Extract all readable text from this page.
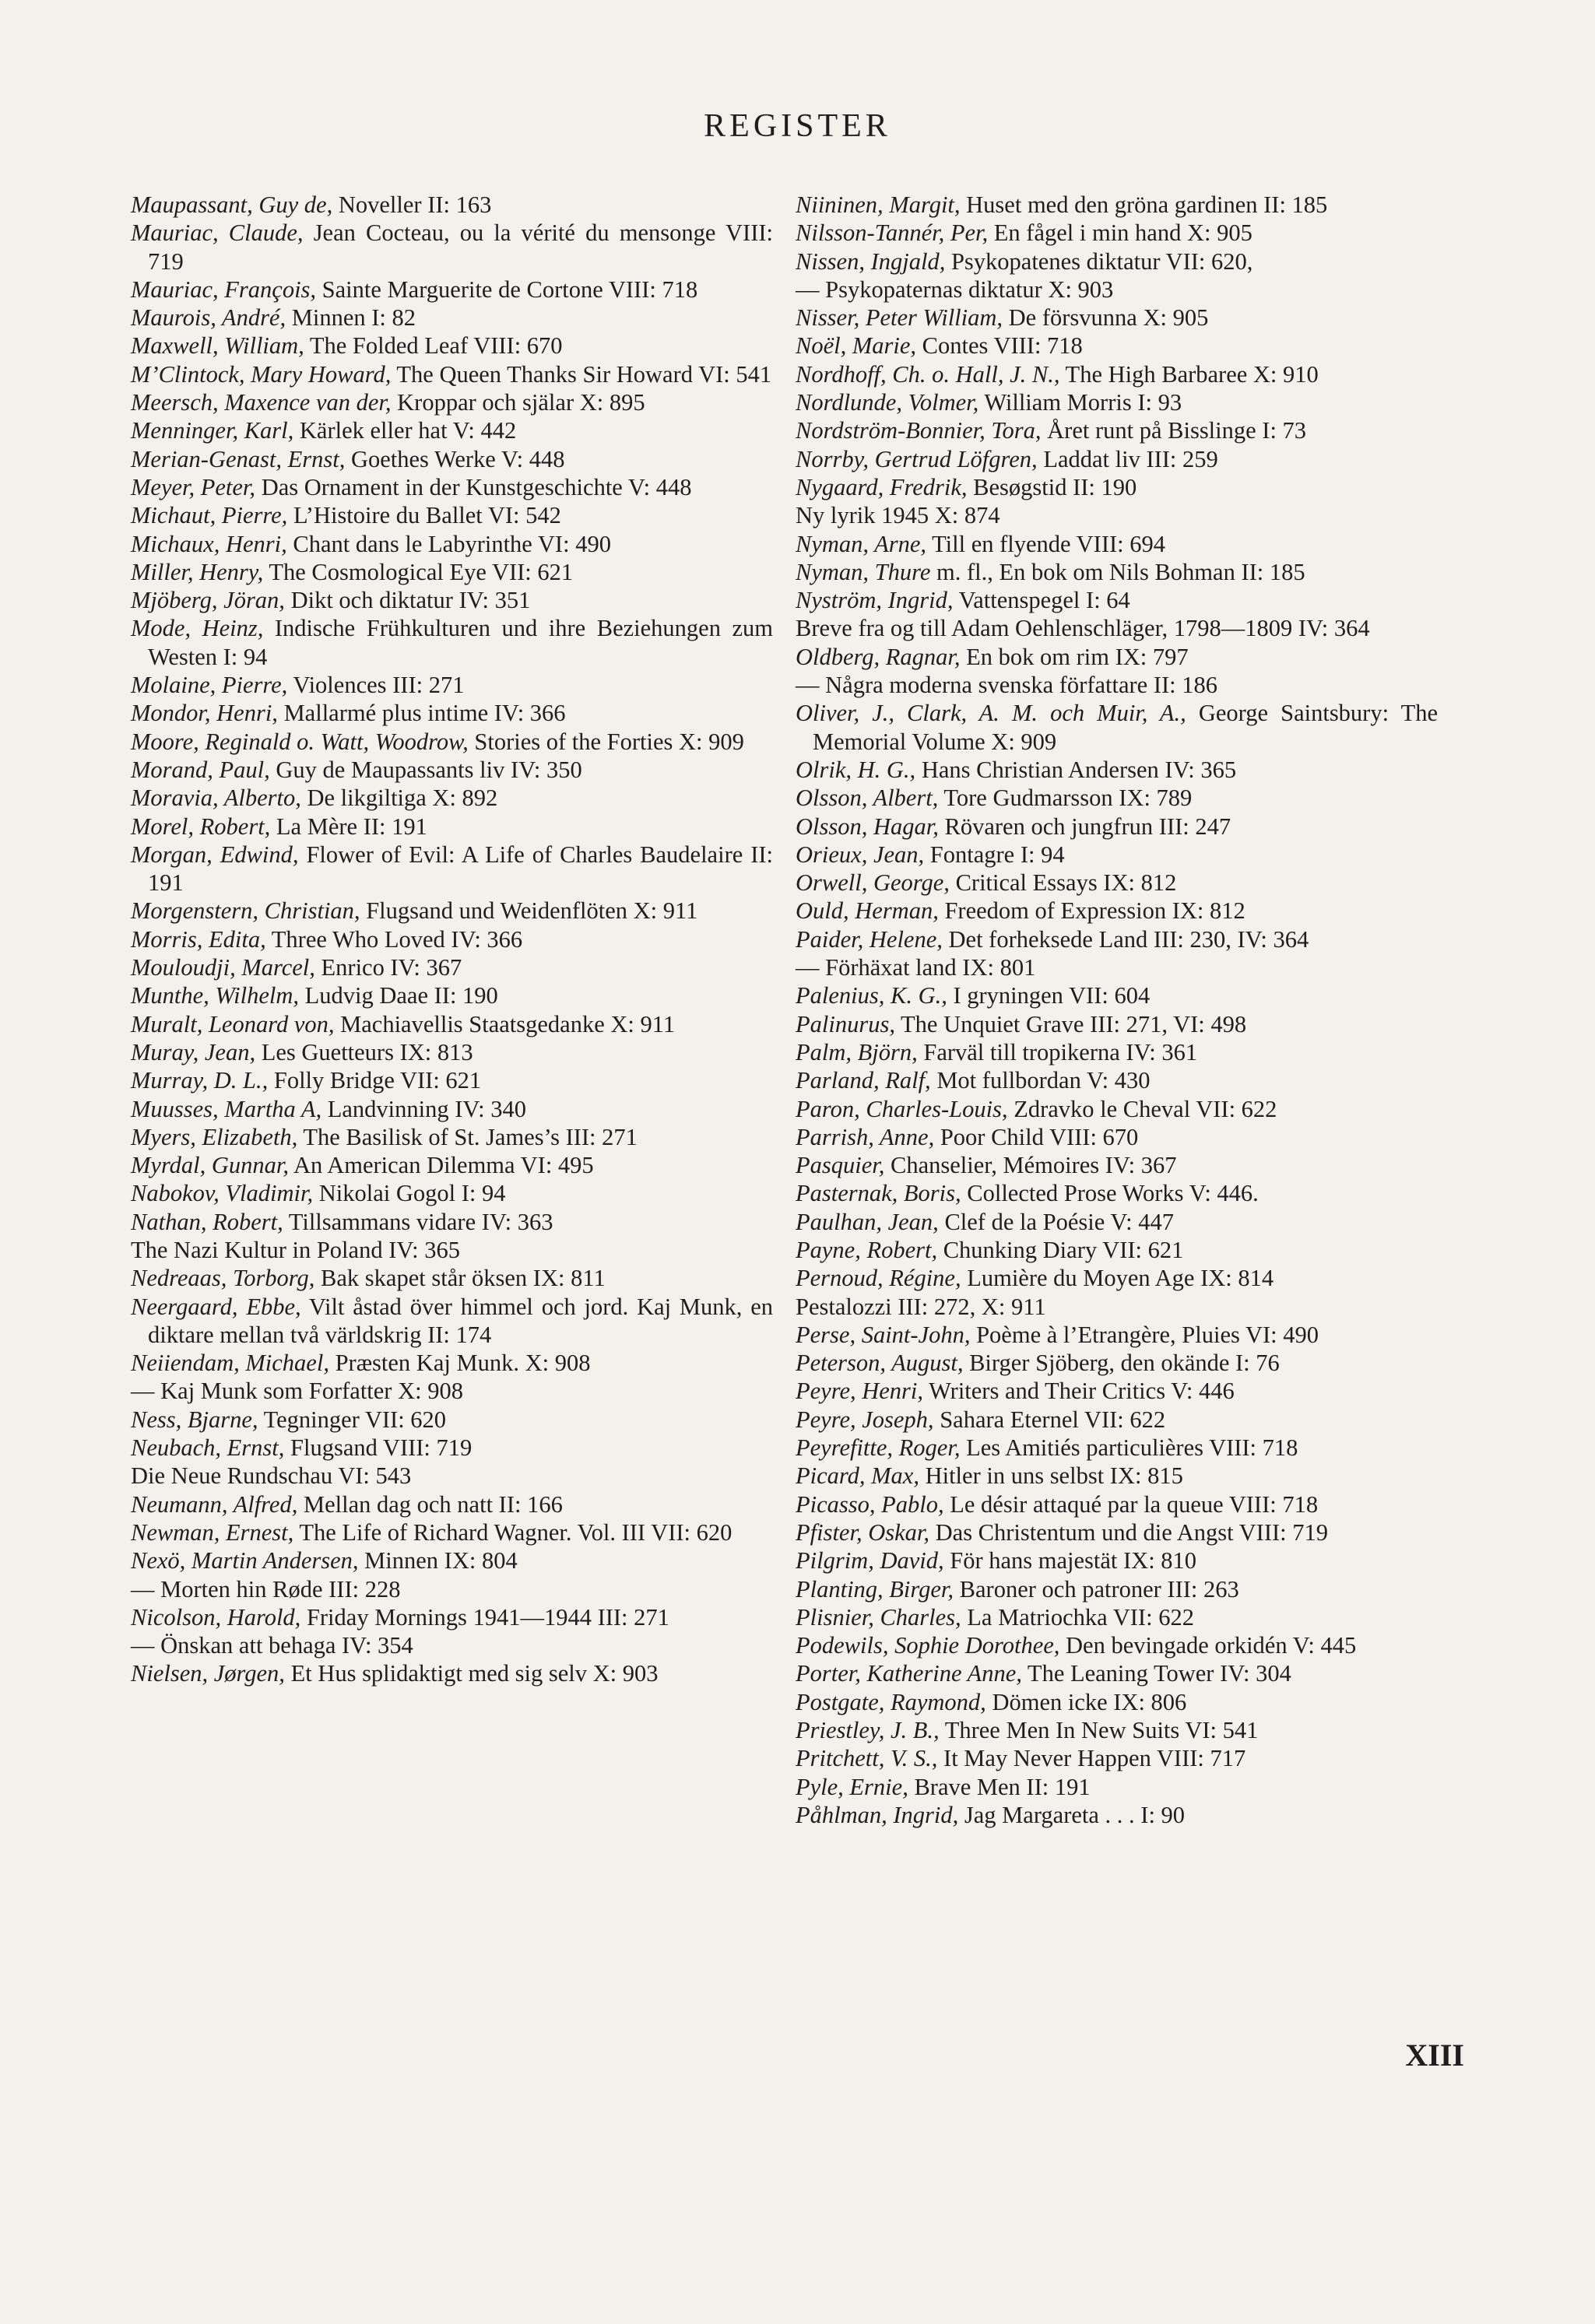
REGISTER
Maupassant, Guy de, Noveller II: 163
Mauriac, Claude, Jean Cocteau, ou la vérité du mensonge VIII: 719
Mauriac, François, Sainte Marguerite de Cortone VIII: 718
Maurois, André, Minnen I: 82
Maxwell, William, The Folded Leaf VIII: 670
M’Clintock, Mary Howard, The Queen Thanks Sir Howard VI: 541
Meersch, Maxence van der, Kroppar och själar X: 895
Menninger, Karl, Kärlek eller hat V: 442
Merian-Genast, Ernst, Goethes Werke V: 448
Meyer, Peter, Das Ornament in der Kunstgeschichte V: 448
Michaut, Pierre, L’Histoire du Ballet VI: 542
Michaux, Henri, Chant dans le Labyrinthe VI: 490
Miller, Henry, The Cosmological Eye VII: 621
Mjöberg, Jöran, Dikt och diktatur IV: 351
Mode, Heinz, Indische Frühkulturen und ihre Beziehungen zum Westen I: 94
Molaine, Pierre, Violences III: 271
Mondor, Henri, Mallarmé plus intime IV: 366
Moore, Reginald o. Watt, Woodrow, Stories of the Forties X: 909
Morand, Paul, Guy de Maupassants liv IV: 350
Moravia, Alberto, De likgiltiga X: 892
Morel, Robert, La Mère II: 191
Morgan, Edwind, Flower of Evil: A Life of Charles Baudelaire II: 191
Morgenstern, Christian, Flugsand und Weidenflöten X: 911
Morris, Edita, Three Who Loved IV: 366
Mouloudji, Marcel, Enrico IV: 367
Munthe, Wilhelm, Ludvig Daae II: 190
Muralt, Leonard von, Machiavellis Staatsgedanke X: 911
Muray, Jean, Les Guetteurs IX: 813
Murray, D. L., Folly Bridge VII: 621
Muusses, Martha A, Landvinning IV: 340
Myers, Elizabeth, The Basilisk of St. James’s III: 271
Myrdal, Gunnar, An American Dilemma VI: 495
Nabokov, Vladimir, Nikolai Gogol I: 94
Nathan, Robert, Tillsammans vidare IV: 363
The Nazi Kultur in Poland IV: 365
Nedreaas, Torborg, Bak skapet står öksen IX: 811
Neergaard, Ebbe, Vilt åstad över himmel och jord. Kaj Munk, en diktare mellan två världskrig II: 174
Neiiendam, Michael, Præsten Kaj Munk. X: 908
— Kaj Munk som Forfatter X: 908
Ness, Bjarne, Tegninger VII: 620
Neubach, Ernst, Flugsand VIII: 719
Die Neue Rundschau VI: 543
Neumann, Alfred, Mellan dag och natt II: 166
Newman, Ernest, The Life of Richard Wagner. Vol. III VII: 620
Nexö, Martin Andersen, Minnen IX: 804
— Morten hin Røde III: 228
Nicolson, Harold, Friday Mornings 1941—1944 III: 271
— Önskan att behaga IV: 354
Nielsen, Jørgen, Et Hus splidaktigt med sig selv X: 903
Niininen, Margit, Huset med den gröna gardinen II: 185
Nilsson-Tannér, Per, En fågel i min hand X: 905
Nissen, Ingjald, Psykopatenes diktatur VII: 620,
— Psykopaternas diktatur X: 903
Nisser, Peter William, De försvunna X: 905
Noël, Marie, Contes VIII: 718
Nordhoff, Ch. o. Hall, J. N., The High Barbaree X: 910
Nordlunde, Volmer, William Morris I: 93
Nordström-Bonnier, Tora, Året runt på Bisslinge I: 73
Norrby, Gertrud Löfgren, Laddat liv III: 259
Nygaard, Fredrik, Besøgstid II: 190
Ny lyrik 1945 X: 874
Nyman, Arne, Till en flyende VIII: 694
Nyman, Thure m. fl., En bok om Nils Bohman II: 185
Nyström, Ingrid, Vattenspegel I: 64
Breve fra og till Adam Oehlenschläger, 1798—1809 IV: 364
Oldberg, Ragnar, En bok om rim IX: 797
— Några moderna svenska författare II: 186
Oliver, J., Clark, A. M. och Muir, A., George Saintsbury: The Memorial Volume X: 909
Olrik, H. G., Hans Christian Andersen IV: 365
Olsson, Albert, Tore Gudmarsson IX: 789
Olsson, Hagar, Rövaren och jungfrun III: 247
Orieux, Jean, Fontagre I: 94
Orwell, George, Critical Essays IX: 812
Ould, Herman, Freedom of Expression IX: 812
Paider, Helene, Det forheksede Land III: 230, IV: 364
— Förhäxat land IX: 801
Palenius, K. G., I gryningen VII: 604
Palinurus, The Unquiet Grave III: 271, VI: 498
Palm, Björn, Farväl till tropikerna IV: 361
Parland, Ralf, Mot fullbordan V: 430
Paron, Charles-Louis, Zdravko le Cheval VII: 622
Parrish, Anne, Poor Child VIII: 670
Pasquier, Chanselier, Mémoires IV: 367
Pasternak, Boris, Collected Prose Works V: 446.
Paulhan, Jean, Clef de la Poésie V: 447
Payne, Robert, Chunking Diary VII: 621
Pernoud, Régine, Lumière du Moyen Age IX: 814
Pestalozzi III: 272, X: 911
Perse, Saint-John, Poème à l’Etrangère, Pluies VI: 490
Peterson, August, Birger Sjöberg, den okände I: 76
Peyre, Henri, Writers and Their Critics V: 446
Peyre, Joseph, Sahara Eternel VII: 622
Peyrefitte, Roger, Les Amitiés particulières VIII: 718
Picard, Max, Hitler in uns selbst IX: 815
Picasso, Pablo, Le désir attaqué par la queue VIII: 718
Pfister, Oskar, Das Christentum und die Angst VIII: 719
Pilgrim, David, För hans majestät IX: 810
Planting, Birger, Baroner och patroner III: 263
Plisnier, Charles, La Matriochka VII: 622
Podewils, Sophie Dorothee, Den bevingade orkidén V: 445
Porter, Katherine Anne, The Leaning Tower IV: 304
Postgate, Raymond, Dömen icke IX: 806
Priestley, J. B., Three Men In New Suits VI: 541
Pritchett, V. S., It May Never Happen VIII: 717
Pyle, Ernie, Brave Men II: 191
Påhlman, Ingrid, Jag Margareta . . . I: 90
XIII
